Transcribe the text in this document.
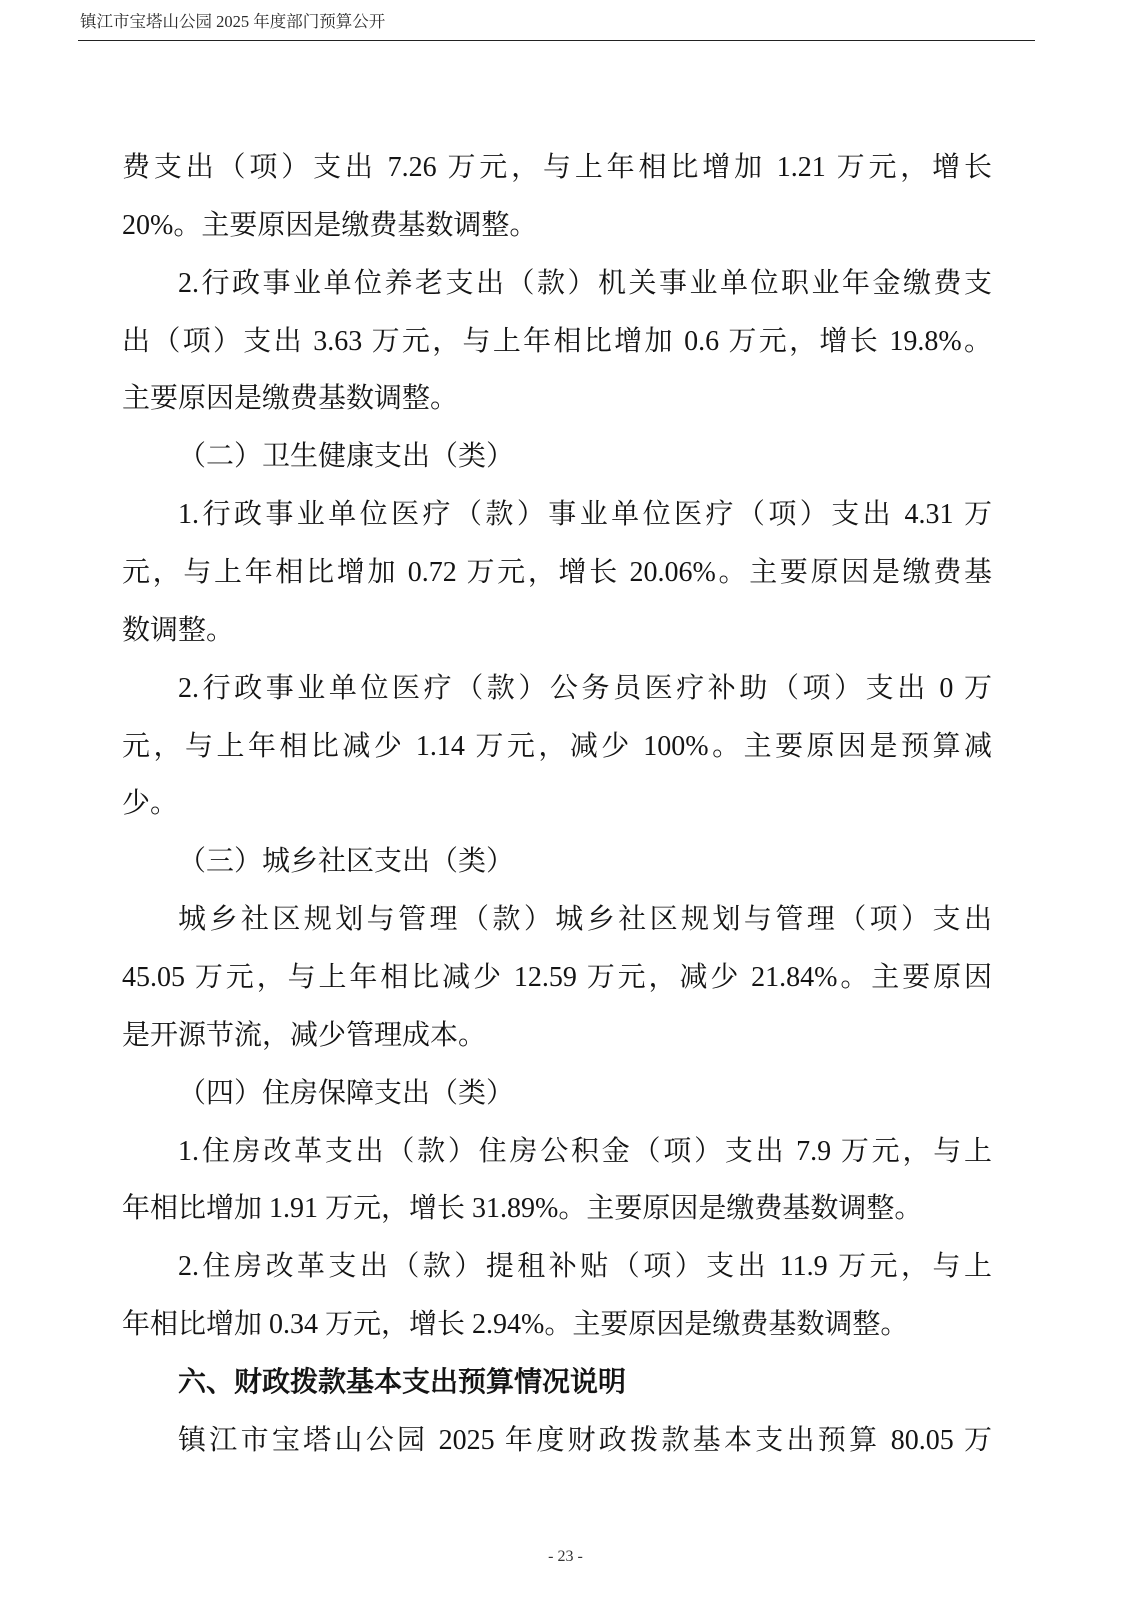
镇江市宝塔山公园 2025 年度部门预算公开
费支出（项）支出 7.26 万元，与上年相比增加 1.21 万元，增长
20%。主要原因是缴费基数调整。
2.行政事业单位养老支出（款）机关事业单位职业年金缴费支
出（项）支出 3.63 万元，与上年相比增加 0.6 万元，增长 19.8%。
主要原因是缴费基数调整。
（二）卫生健康支出（类）
1.行政事业单位医疗（款）事业单位医疗（项）支出 4.31 万
元，与上年相比增加 0.72 万元，增长 20.06%。主要原因是缴费基
数调整。
2.行政事业单位医疗（款）公务员医疗补助（项）支出 0 万
元，与上年相比减少 1.14 万元，减少 100%。主要原因是预算减
少。
（三）城乡社区支出（类）
城乡社区规划与管理（款）城乡社区规划与管理（项）支出
45.05 万元，与上年相比减少 12.59 万元，减少 21.84%。主要原因
是开源节流，减少管理成本。
（四）住房保障支出（类）
1.住房改革支出（款）住房公积金（项）支出 7.9 万元，与上
年相比增加 1.91 万元，增长 31.89%。主要原因是缴费基数调整。
2.住房改革支出（款）提租补贴（项）支出 11.9 万元，与上
年相比增加 0.34 万元，增长 2.94%。主要原因是缴费基数调整。
六、财政拨款基本支出预算情况说明
镇江市宝塔山公园 2025 年度财政拨款基本支出预算 80.05 万
- 23 -
